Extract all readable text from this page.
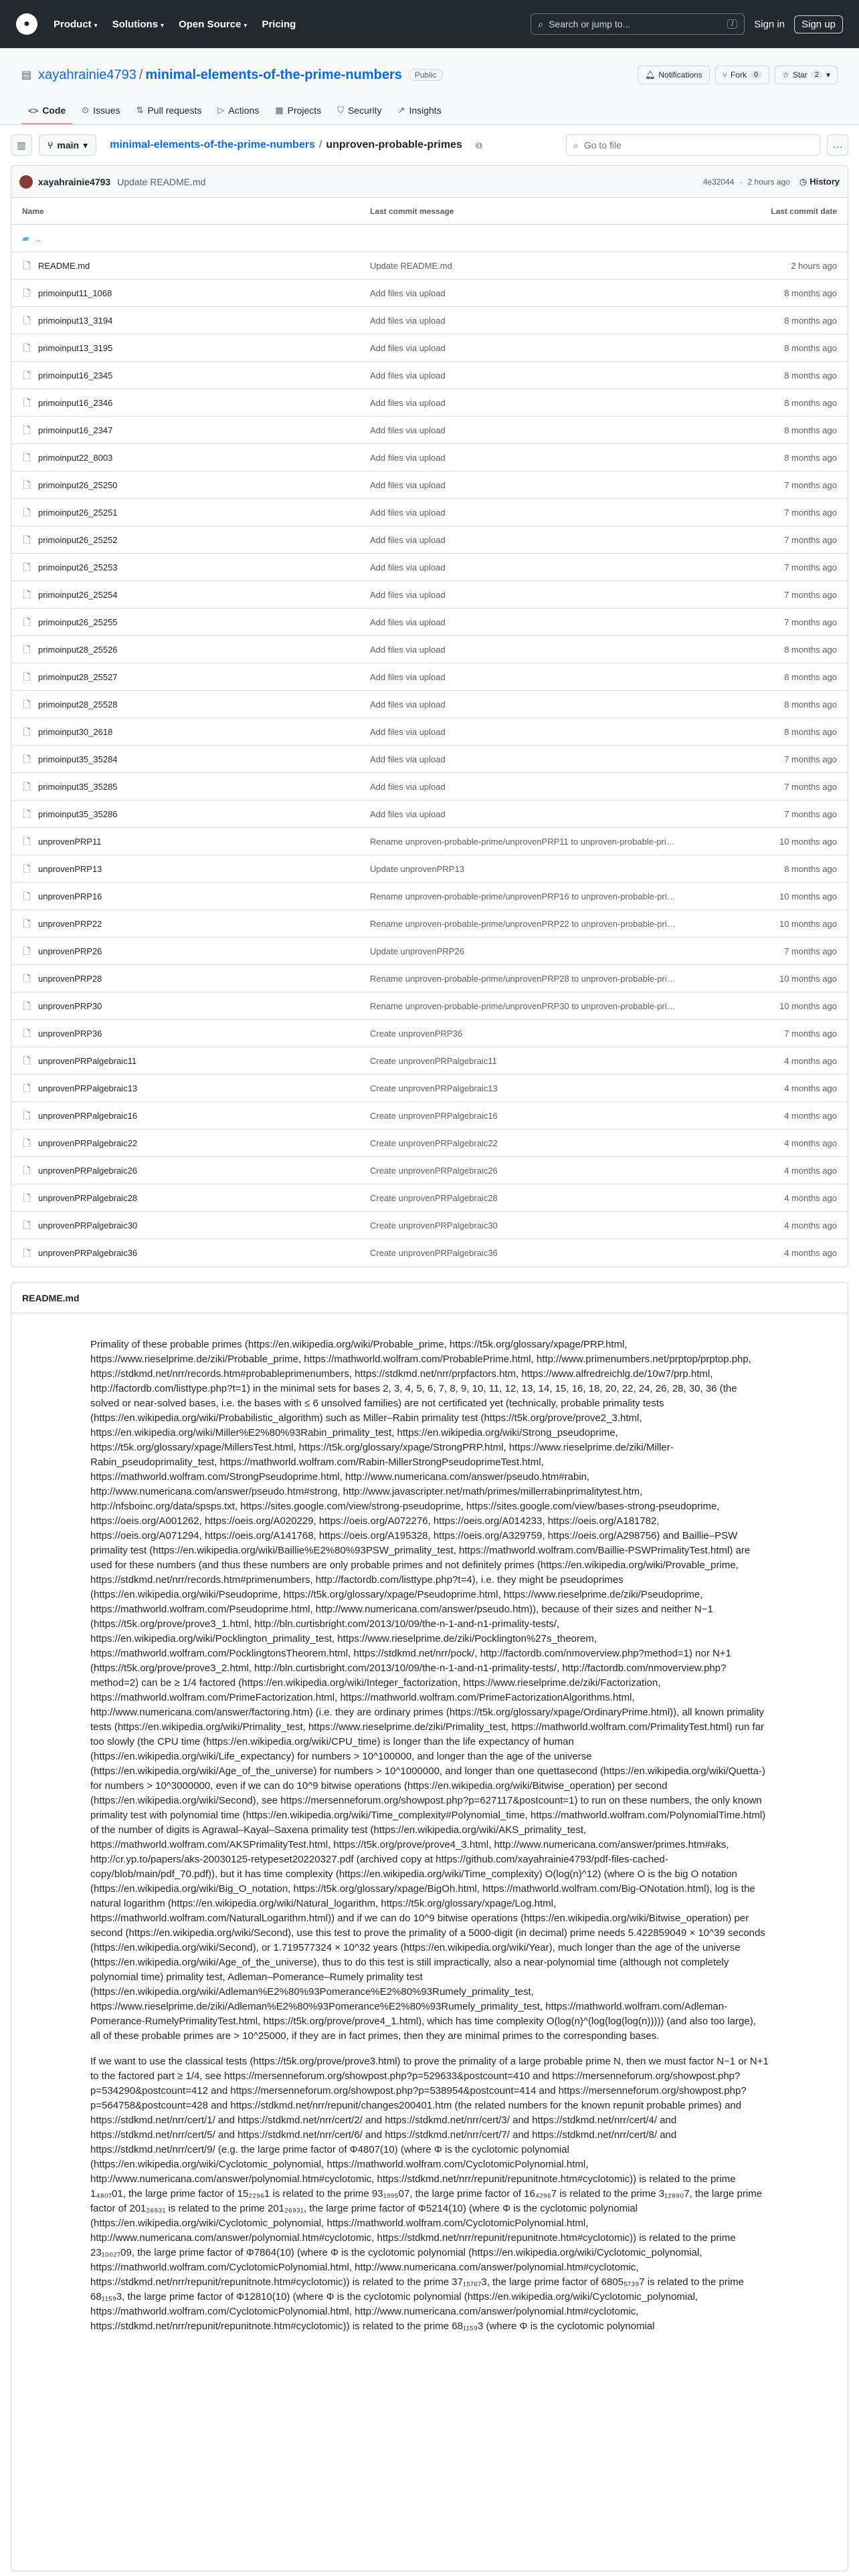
●	Product ▾ Solutions ▾ Open Source ▾ Pricing	⌕ Search or jump to...	/	Sign in	Sign up
▤ xayahrainie4793 / minimal-elements-of-the-prime-numbers	Public	🔔︎ Notifications	⑂ Fork	0	☆ Star	2 ▾
<> Code ⊙ Issues ⇅ Pull requests ▷ Actions ▦ Projects ⛉ Security ↗ Insights
▥	⑂ main ▾ minimal-elements-of-the-prime-numbers / unproven-probable-primes ⧉	⌕ Go to file	…
xayahrainie4793 Update README.md	4e32044 · 2 hours ago ◷ History
Name	Last commit message	Last commit date
▰ ..
🗋︎ README.md	Update README.md	2 hours ago
🗋︎ primoinput11_1068	Add files via upload	8 months ago
🗋︎ primoinput13_3194	Add files via upload	8 months ago
🗋︎ primoinput13_3195	Add files via upload	8 months ago
🗋︎ primoinput16_2345	Add files via upload	8 months ago
🗋︎ primoinput16_2346	Add files via upload	8 months ago
🗋︎ primoinput16_2347	Add files via upload	8 months ago
🗋︎ primoinput22_8003	Add files via upload	8 months ago
🗋︎ primoinput26_25250	Add files via upload	7 months ago
🗋︎ primoinput26_25251	Add files via upload	7 months ago
🗋︎ primoinput26_25252	Add files via upload	7 months ago
🗋︎ primoinput26_25253	Add files via upload	7 months ago
🗋︎ primoinput26_25254	Add files via upload	7 months ago
🗋︎ primoinput26_25255	Add files via upload	7 months ago
🗋︎ primoinput28_25526	Add files via upload	8 months ago
🗋︎ primoinput28_25527	Add files via upload	8 months ago
🗋︎ primoinput28_25528	Add files via upload	8 months ago
🗋︎ primoinput30_2618	Add files via upload	8 months ago
🗋︎ primoinput35_35284	Add files via upload	7 months ago
🗋︎ primoinput35_35285	Add files via upload	7 months ago
🗋︎ primoinput35_35286	Add files via upload	7 months ago
🗋︎ unprovenPRP11	Rename unproven-probable-prime/unprovenPRP11 to unproven-probable-pri…	10 months ago
🗋︎ unprovenPRP13	Update unprovenPRP13	8 months ago
🗋︎ unprovenPRP16	Rename unproven-probable-prime/unprovenPRP16 to unproven-probable-pri…	10 months ago
🗋︎ unprovenPRP22	Rename unproven-probable-prime/unprovenPRP22 to unproven-probable-pri…	10 months ago
🗋︎ unprovenPRP26	Update unprovenPRP26	7 months ago
🗋︎ unprovenPRP28	Rename unproven-probable-prime/unprovenPRP28 to unproven-probable-pri…	10 months ago
🗋︎ unprovenPRP30	Rename unproven-probable-prime/unprovenPRP30 to unproven-probable-pri…	10 months ago
🗋︎ unprovenPRP36	Create unprovenPRP36	7 months ago
🗋︎ unprovenPRPalgebraic11	Create unprovenPRPalgebraic11	4 months ago
🗋︎ unprovenPRPalgebraic13	Create unprovenPRPalgebraic13	4 months ago
🗋︎ unprovenPRPalgebraic16	Create unprovenPRPalgebraic16	4 months ago
🗋︎ unprovenPRPalgebraic22	Create unprovenPRPalgebraic22	4 months ago
🗋︎ unprovenPRPalgebraic26	Create unprovenPRPalgebraic26	4 months ago
🗋︎ unprovenPRPalgebraic28	Create unprovenPRPalgebraic28	4 months ago
🗋︎ unprovenPRPalgebraic30	Create unprovenPRPalgebraic30	4 months ago
🗋︎ unprovenPRPalgebraic36	Create unprovenPRPalgebraic36	4 months ago
README.md

Primality of these probable primes (https://en.wikipedia.org/wiki/Probable_prime, https://t5k.org/glossary/xpage/PRP.html, https://www.rieselprime.de/ziki/Probable_prime, https://mathworld.wolfram.com/ProbablePrime.html, http://www.primenumbers.net/prptop/prptop.php, https://stdkmd.net/nrr/records.htm#probableprimenumbers, https://stdkmd.net/nrr/prpfactors.htm, https://www.alfredreichlg.de/10w7/prp.html, http://factordb.com/listtype.php?t=1) in the minimal sets for bases 2, 3, 4, 5, 6, 7, 8, 9, 10, 11, 12, 13, 14, 15, 16, 18, 20, 22, 24, 26, 28, 30, 36 (the solved or near-solved bases, i.e. the bases with ≤ 6 unsolved families) are not certificated yet (technically, probable primality tests (https://en.wikipedia.org/wiki/Probabilistic_algorithm) such as Miller–Rabin primality test (https://t5k.org/prove/prove2_3.html, https://en.wikipedia.org/wiki/Miller%E2%80%93Rabin_primality_test, https://en.wikipedia.org/wiki/Strong_pseudoprime, https://t5k.org/glossary/xpage/MillersTest.html, https://t5k.org/glossary/xpage/StrongPRP.html, https://www.rieselprime.de/ziki/Miller-Rabin_pseudoprimality_test, https://mathworld.wolfram.com/Rabin-MillerStrongPseudoprimeTest.html, https://mathworld.wolfram.com/StrongPseudoprime.html, http://www.numericana.com/answer/pseudo.htm#rabin, http://www.numericana.com/answer/pseudo.htm#strong, http://www.javascripter.net/math/primes/millerrabinprimalitytest.htm, http://nfsboinc.org/data/spsps.txt, https://sites.google.com/view/strong-pseudoprime, https://sites.google.com/view/bases-strong-pseudoprime, https://oeis.org/A001262, https://oeis.org/A020229, https://oeis.org/A072276, https://oeis.org/A014233, https://oeis.org/A181782, https://oeis.org/A071294, https://oeis.org/A141768, https://oeis.org/A195328, https://oeis.org/A329759, https://oeis.org/A298756) and Baillie–PSW primality test (https://en.wikipedia.org/wiki/Baillie%E2%80%93PSW_primality_test, https://mathworld.wolfram.com/Baillie-PSWPrimalityTest.html) are used for these numbers (and thus these numbers are only probable primes and not definitely primes (https://en.wikipedia.org/wiki/Provable_prime, https://stdkmd.net/nrr/records.htm#primenumbers, http://factordb.com/listtype.php?t=4), i.e. they might be pseudoprimes (https://en.wikipedia.org/wiki/Pseudoprime, https://t5k.org/glossary/xpage/Pseudoprime.html, https://www.rieselprime.de/ziki/Pseudoprime, https://mathworld.wolfram.com/Pseudoprime.html, http://www.numericana.com/answer/pseudo.htm)), because of their sizes and neither N−1 (https://t5k.org/prove/prove3_1.html, http://bln.curtisbright.com/2013/10/09/the-n-1-and-n1-primality-tests/, https://en.wikipedia.org/wiki/Pocklington_primality_test, https://www.rieselprime.de/ziki/Pocklington%27s_theorem, https://mathworld.wolfram.com/PocklingtonsTheorem.html, https://stdkmd.net/nrr/pock/, http://factordb.com/nmoverview.php?method=1) nor N+1 (https://t5k.org/prove/prove3_2.html, http://bln.curtisbright.com/2013/10/09/the-n-1-and-n1-primality-tests/, http://factordb.com/nmoverview.php?method=2) can be ≥ 1/4 factored (https://en.wikipedia.org/wiki/Integer_factorization, https://www.rieselprime.de/ziki/Factorization, https://mathworld.wolfram.com/PrimeFactorization.html, https://mathworld.wolfram.com/PrimeFactorizationAlgorithms.html, http://www.numericana.com/answer/factoring.htm) (i.e. they are ordinary primes (https://t5k.org/glossary/xpage/OrdinaryPrime.html)), all known primality tests (https://en.wikipedia.org/wiki/Primality_test, https://www.rieselprime.de/ziki/Primality_test, https://mathworld.wolfram.com/PrimalityTest.html) run far too slowly (the CPU time (https://en.wikipedia.org/wiki/CPU_time) is longer than the life expectancy of human (https://en.wikipedia.org/wiki/Life_expectancy) for numbers > 10^100000, and longer than the age of the universe (https://en.wikipedia.org/wiki/Age_of_the_universe) for numbers > 10^1000000, and longer than one quettasecond (https://en.wikipedia.org/wiki/Quetta-) for numbers > 10^3000000, even if we can do 10^9 bitwise operations (https://en.wikipedia.org/wiki/Bitwise_operation) per second (https://en.wikipedia.org/wiki/Second), see https://mersenneforum.org/showpost.php?p=627117&postcount=1) to run on these numbers, the only known primality test with polynomial time (https://en.wikipedia.org/wiki/Time_complexity#Polynomial_time, https://mathworld.wolfram.com/PolynomialTime.html) of the number of digits is Agrawal–Kayal–Saxena primality test (https://en.wikipedia.org/wiki/AKS_primality_test, https://mathworld.wolfram.com/AKSPrimalityTest.html, https://t5k.org/prove/prove4_3.html, http://www.numericana.com/answer/primes.htm#aks, http://cr.yp.to/papers/aks-20030125-retypeset20220327.pdf (archived copy at https://github.com/xayahrainie4793/pdf-files-cached-copy/blob/main/pdf_70.pdf)), but it has time complexity (https://en.wikipedia.org/wiki/Time_complexity) O(log(n)^12) (where O is the big O notation (https://en.wikipedia.org/wiki/Big_O_notation, https://t5k.org/glossary/xpage/BigOh.html, https://mathworld.wolfram.com/Big-ONotation.html), log is the natural logarithm (https://en.wikipedia.org/wiki/Natural_logarithm, https://t5k.org/glossary/xpage/Log.html, https://mathworld.wolfram.com/NaturalLogarithm.html)) and if we can do 10^9 bitwise operations (https://en.wikipedia.org/wiki/Bitwise_operation) per second (https://en.wikipedia.org/wiki/Second), use this test to prove the primality of a 5000-digit (in decimal) prime needs 5.422859049 × 10^39 seconds (https://en.wikipedia.org/wiki/Second), or 1.719577324 × 10^32 years (https://en.wikipedia.org/wiki/Year), much longer than the age of the universe (https://en.wikipedia.org/wiki/Age_of_the_universe), thus to do this test is still impractically, also a near-polynomial time (although not completely polynomial time) primality test, Adleman–Pomerance–Rumely primality test (https://en.wikipedia.org/wiki/Adleman%E2%80%93Pomerance%E2%80%93Rumely_primality_test, https://www.rieselprime.de/ziki/Adleman%E2%80%93Pomerance%E2%80%93Rumely_primality_test, https://mathworld.wolfram.com/Adleman-Pomerance-RumelyPrimalityTest.html, https://t5k.org/prove/prove4_1.html), which has time complexity O(log(n)^(log(log(log(n))))) (and also too large), all of these probable primes are > 10^25000, if they are in fact primes, then they are minimal primes to the corresponding bases.

If we want to use the classical tests (https://t5k.org/prove/prove3.html) to prove the primality of a large probable prime N, then we must factor N−1 or N+1 to the factored part ≥ 1/4, see https://mersenneforum.org/showpost.php?p=529633&postcount=410 and https://mersenneforum.org/showpost.php?p=534290&postcount=412 and https://mersenneforum.org/showpost.php?p=538954&postcount=414 and https://mersenneforum.org/showpost.php?p=564758&postcount=428 and https://stdkmd.net/nrr/repunit/changes200401.htm (the related numbers for the known repunit probable primes) and https://stdkmd.net/nrr/cert/1/ and https://stdkmd.net/nrr/cert/2/ and https://stdkmd.net/nrr/cert/3/ and https://stdkmd.net/nrr/cert/4/ and https://stdkmd.net/nrr/cert/5/ and https://stdkmd.net/nrr/cert/6/ and https://stdkmd.net/nrr/cert/7/ and https://stdkmd.net/nrr/cert/8/ and https://stdkmd.net/nrr/cert/9/ (e.g. the large prime factor of Φ4807(10) (where Φ is the cyclotomic polynomial (https://en.wikipedia.org/wiki/Cyclotomic_polynomial, https://mathworld.wolfram.com/CyclotomicPolynomial.html, http://www.numericana.com/answer/polynomial.htm#cyclotomic, https://stdkmd.net/nrr/repunit/repunitnote.htm#cyclotomic)) is related to the prime 1₄₈₀₇01, the large prime factor of 15₂₂₉₆1 is related to the prime 93₁₉₉₅07, the large prime factor of 16₄₂₉₆7 is related to the prime 3₁₂₈₉₀7, the large prime factor of 201₂₆₉₃₁ is related to the prime 201₂₆₉₃₁, the large prime factor of Φ5214(10) (where Φ is the cyclotomic polynomial (https://en.wikipedia.org/wiki/Cyclotomic_polynomial, https://mathworld.wolfram.com/CyclotomicPolynomial.html, http://www.numericana.com/answer/polynomial.htm#cyclotomic, https://stdkmd.net/nrr/repunit/repunitnote.htm#cyclotomic)) is related to the prime 23₁₀₀₂₇09, the large prime factor of Φ7864(10) (where Φ is the cyclotomic polynomial (https://en.wikipedia.org/wiki/Cyclotomic_polynomial, https://mathworld.wolfram.com/CyclotomicPolynomial.html, http://www.numericana.com/answer/polynomial.htm#cyclotomic, https://stdkmd.net/nrr/repunit/repunitnote.htm#cyclotomic)) is related to the prime 37₁₅₇₆₇3, the large prime factor of 6805₅₇₃₉7 is related to the prime 68₁₁₅₉3, the large prime factor of Φ12810(10) (where Φ is the cyclotomic polynomial (https://en.wikipedia.org/wiki/Cyclotomic_polynomial, https://mathworld.wolfram.com/CyclotomicPolynomial.html, http://www.numericana.com/answer/polynomial.htm#cyclotomic, https://stdkmd.net/nrr/repunit/repunitnote.htm#cyclotomic)) is related to the prime 68₁₁₅₉3 (where Φ is the cyclotomic polynomial
